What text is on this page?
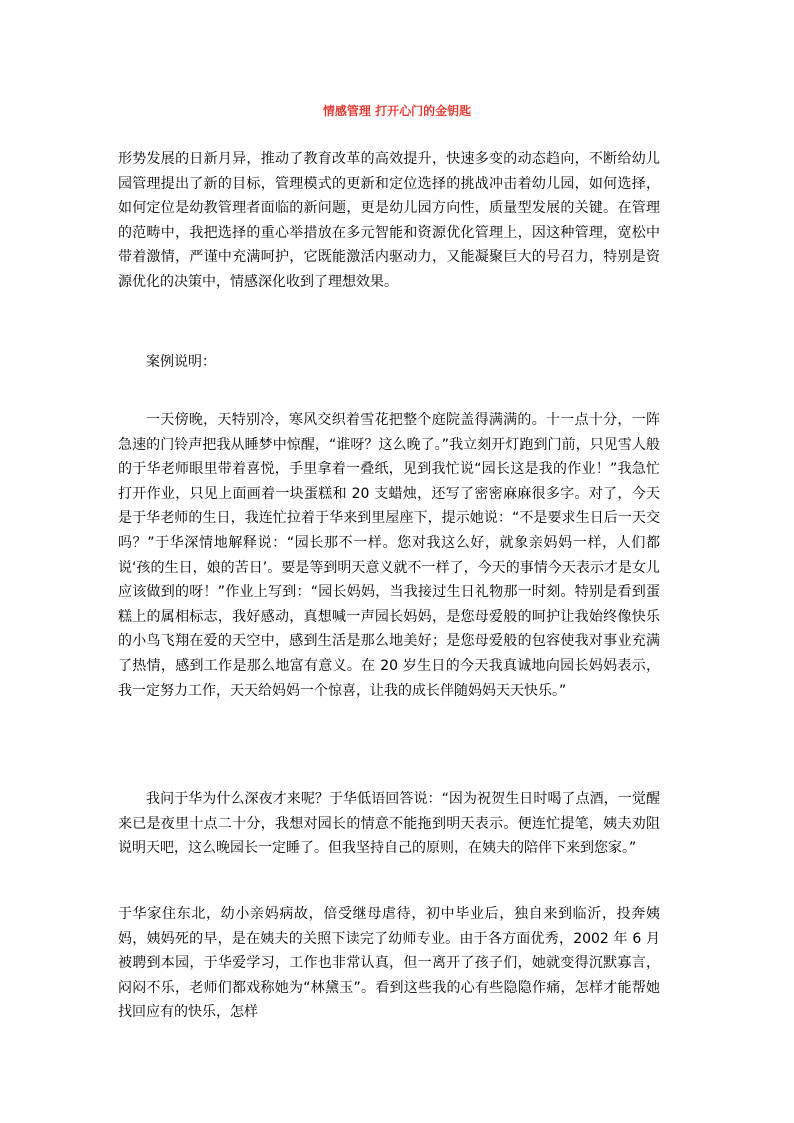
情感管理 打开心门的金钥匙

形势发展的日新月异，推动了教育改革的高效提升，快速多变的动态趋向，不断给幼儿园管理提出了新的目标，管理模式的更新和定位选择的挑战冲击着幼儿园，如何选择，如何定位是幼教管理者面临的新问题，更是幼儿园方向性，质量型发展的关键。在管理的范畴中，我把选择的重心举措放在多元智能和资源优化管理上，因这种管理，宽松中带着激情，严谨中充满呵护，它既能激活内驱动力，又能凝聚巨大的号召力，特别是资源优化的决策中，情感深化收到了理想效果。

案例说明：

一天傍晚，天特别冷，寒风交织着雪花把整个庭院盖得满满的。十一点十分，一阵急速的门铃声把我从睡梦中惊醒，“谁呀？这么晚了。”我立刻开灯跑到门前，只见雪人般的于华老师眼里带着喜悦，手里拿着一叠纸，见到我忙说“园长这是我的作业！”我急忙打开作业，只见上面画着一块蛋糕和 20 支蜡烛，还写了密密麻麻很多字。对了，今天是于华老师的生日，我连忙拉着于华来到里屋座下，提示她说：“不是要求生日后一天交吗？”于华深情地解释说：“园长那不一样。您对我这么好，就象亲妈妈一样，人们都说‘孩的生日，娘的苦日’。要是等到明天意义就不一样了，今天的事情今天表示才是女儿应该做到的呀！”作业上写到：“园长妈妈，当我接过生日礼物那一时刻。特别是看到蛋糕上的属相标志，我好感动，真想喊一声园长妈妈，是您母爱般的呵护让我始终像快乐的小鸟飞翔在爱的天空中，感到生活是那么地美好；是您母爱般的包容使我对事业充满了热情，感到工作是那么地富有意义。在 20 岁生日的今天我真诚地向园长妈妈表示，我一定努力工作，天天给妈妈一个惊喜，让我的成长伴随妈妈天天快乐。”

我问于华为什么深夜才来呢？于华低语回答说：“因为祝贺生日时喝了点酒，一觉醒来已是夜里十点二十分，我想对园长的情意不能拖到明天表示。便连忙提笔，姨夫劝阻说明天吧，这么晚园长一定睡了。但我坚持自己的原则，在姨夫的陪伴下来到您家。”

于华家住东北，幼小亲妈病故，倍受继母虐待，初中毕业后，独自来到临沂，投奔姨妈，姨妈死的早，是在姨夫的关照下读完了幼师专业。由于各方面优秀，2002 年 6 月被聘到本园，于华爱学习，工作也非常认真，但一离开了孩子们，她就变得沉默寡言，闷闷不乐，老师们都戏称她为“林黛玉”。看到这些我的心有些隐隐作痛，怎样才能帮她找回应有的快乐，怎样
